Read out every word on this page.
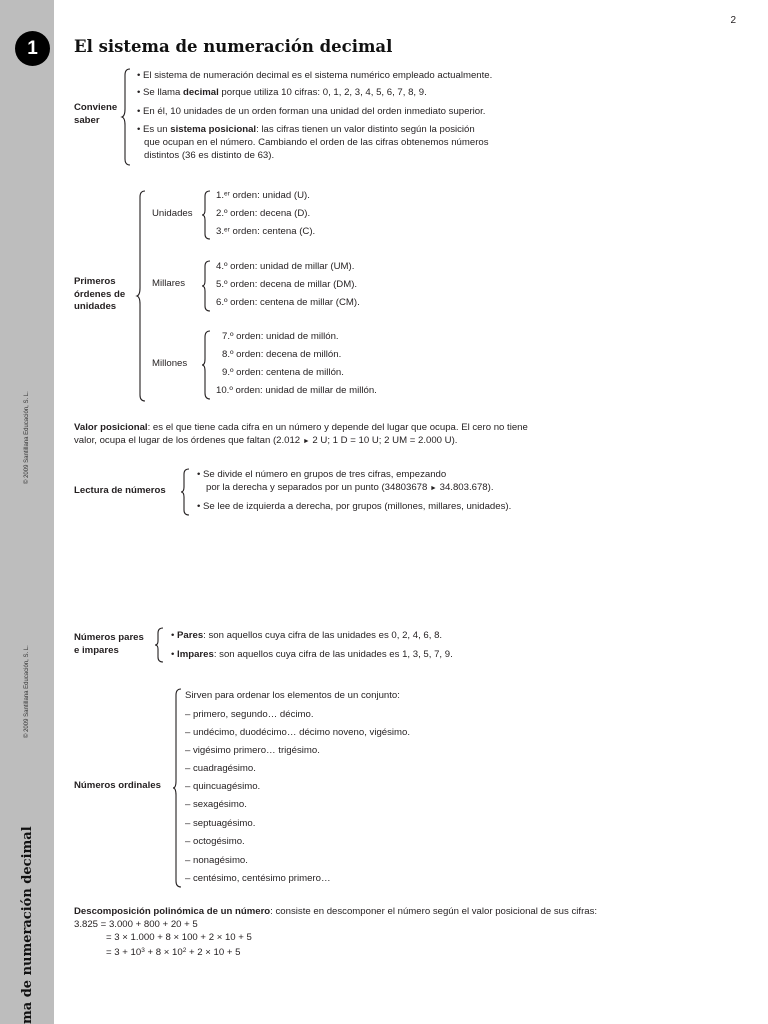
1
© 2009 Santillana Educación, S. L.
© 2009 Santillana Educación, S. L.
ma de numeración decimal
2
El sistema de numeración decimal
Conviene
saber
• El sistema de numeración decimal es el sistema numérico empleado actualmente.
• Se llama decimal porque utiliza 10 cifras: 0, 1, 2, 3, 4, 5, 6, 7, 8, 9.
• En él, 10 unidades de un orden forman una unidad del orden inmediato superior.
• Es un sistema posicional: las cifras tienen un valor distinto según la posición
que ocupan en el número. Cambiando el orden de las cifras obtenemos números
distintos (36 es distinto de 63).
Primeros
órdenes de
unidades
Unidades
1.ᵉʳ orden: unidad (U).
2.º orden: decena (D).
3.ᵉʳ orden: centena (C).
Millares
4.º orden: unidad de millar (UM).
5.º orden: decena de millar (DM).
6.º orden: centena de millar (CM).
Millones
7.º orden: unidad de millón.
8.º orden: decena de millón.
9.º orden: centena de millón.
10.º orden: unidad de millar de millón.
Valor posicional: es el que tiene cada cifra en un número y depende del lugar que ocupa. El cero no tiene
valor, ocupa el lugar de los órdenes que faltan (2.012 ► 2 U; 1 D = 10 U; 2 UM = 2.000 U).
Lectura de números
• Se divide el número en grupos de tres cifras, empezando
por la derecha y separados por un punto (34803678 ► 34.803.678).
• Se lee de izquierda a derecha, por grupos (millones, millares, unidades).
Números pares
e impares
• Pares: son aquellos cuya cifra de las unidades es 0, 2, 4, 6, 8.
• Impares: son aquellos cuya cifra de las unidades es 1, 3, 5, 7, 9.
Números ordinales
Sirven para ordenar los elementos de un conjunto:
– primero, segundo… décimo.
– undécimo, duodécimo… décimo noveno, vigésimo.
– vigésimo primero… trigésimo.
– cuadragésimo.
– quincuagésimo.
– sexagésimo.
– septuagésimo.
– octogésimo.
– nonagésimo.
– centésimo, centésimo primero…
Descomposición polinómica de un número: consiste en descomponer el número según el valor posicional de sus cifras:
3.825 = 3.000 + 800 + 20 + 5
= 3 × 1.000 + 8 × 100 + 2 × 10 + 5
= $3 + 10^3 + 8 \times 10^2 + 2 \times 10 + 5$
